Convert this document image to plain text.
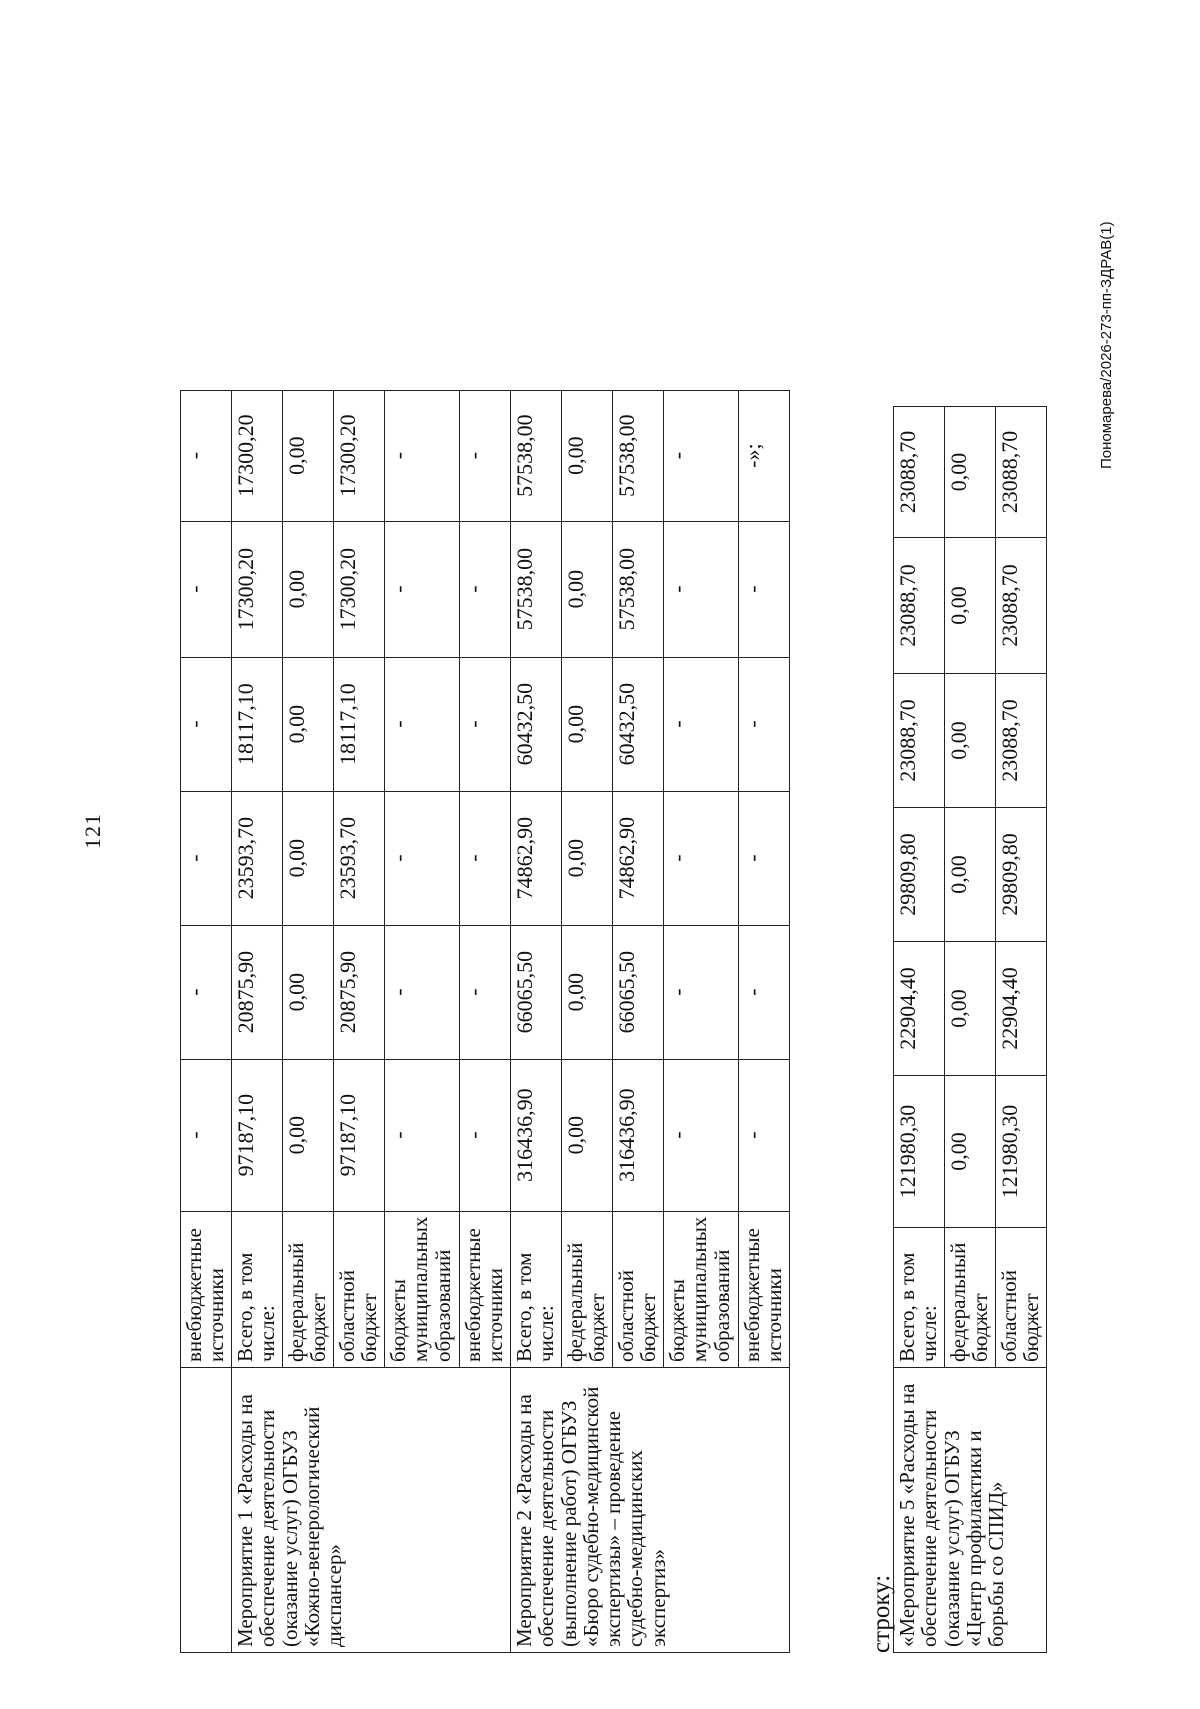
121
	внебюджетные источники	-	-	-	-	-	-
Мероприятие 1 «Расходы на обеспечение деятельности (оказание услуг) ОГБУЗ «Кожно-венерологический диспансер»	Всего, в том числе:	97187,10	20875,90	23593,70	18117,10	17300,20	17300,20
	федеральный бюджет	0,00	0,00	0,00	0,00	0,00	0,00
	областной бюджет	97187,10	20875,90	23593,70	18117,10	17300,20	17300,20
	бюджеты муниципальных образований	-	-	-	-	-	-
	внебюджетные источники	-	-	-	-	-	-
Мероприятие 2 «Расходы на обеспечение деятельности (выполнение работ) ОГБУЗ «Бюро судебно-медицинской экспертизы» – проведение судебно-медицинских экспертиз»	Всего, в том числе:	316436,90	66065,50	74862,90	60432,50	57538,00	57538,00
	федеральный бюджет	0,00	0,00	0,00	0,00	0,00	0,00
	областной бюджет	316436,90	66065,50	74862,90	60432,50	57538,00	57538,00
	бюджеты муниципальных образований	-	-	-	-	-	-
	внебюджетные источники	-	-	-	-	-	-»;
строку: «Мероприятие 5 «Расходы на обеспечение деятельности (оказание услуг) ОГБУЗ «Центр профилактики и борьбы со СПИД»	Всего, в том числе:	121980,30	22904,40	29809,80	23088,70	23088,70	23088,70
	федеральный бюджет	0,00	0,00	0,00	0,00	0,00	0,00
	областной бюджет	121980,30	22904,40	29809,80	23088,70	23088,70	23088,70
Пономарева/2026-273-пп-ЗДРАВ(1)
